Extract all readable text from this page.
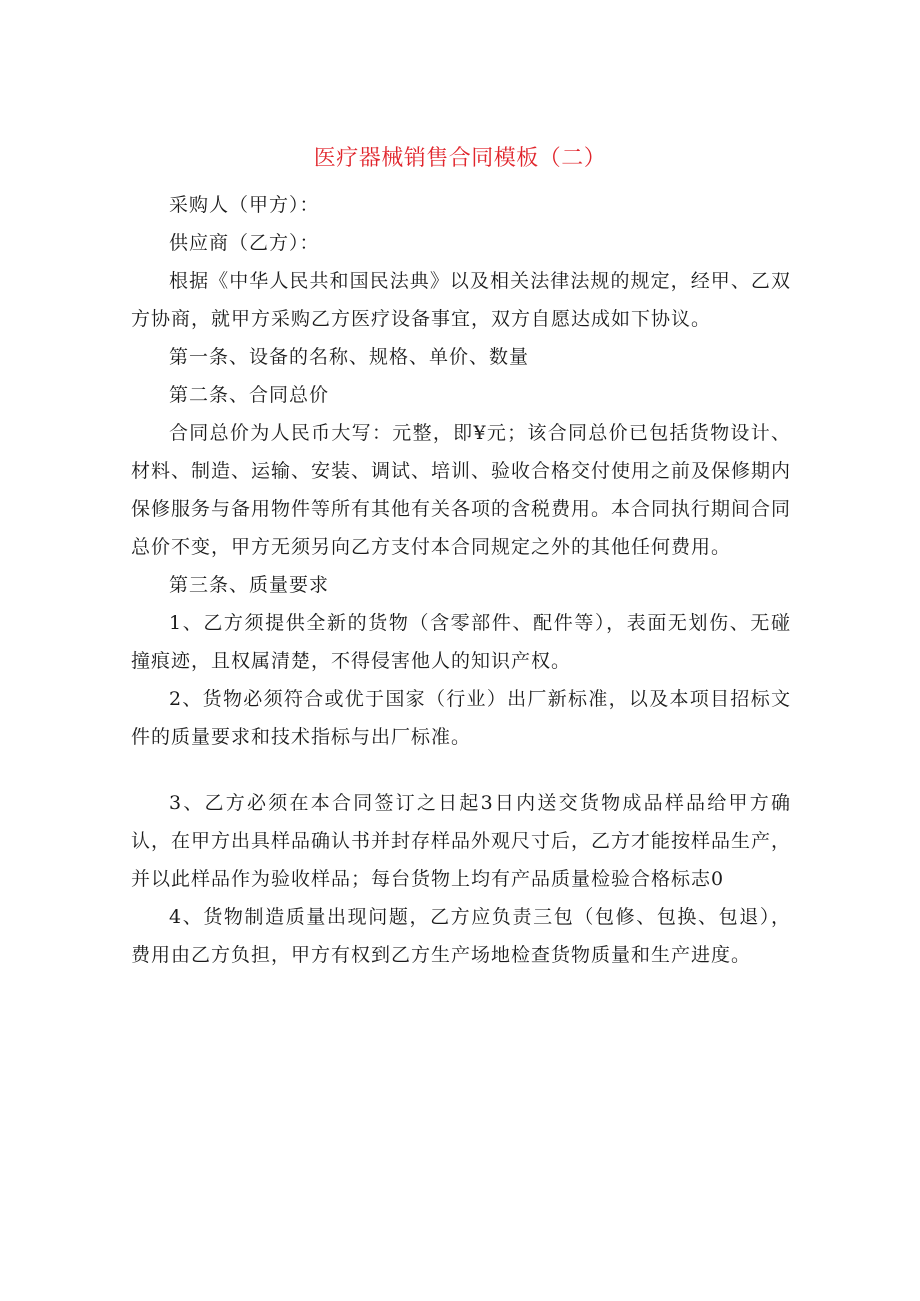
医疗器械销售合同模板（二）

采购人（甲方）：

供应商（乙方）：

根据《中华人民共和国民法典》以及相关法律法规的规定，经甲、乙双方协商，就甲方采购乙方医疗设备事宜，双方自愿达成如下协议。

第一条、设备的名称、规格、单价、数量

第二条、合同总价

合同总价为人民币大写：元整，即¥元；该合同总价已包括货物设计、材料、制造、运输、安装、调试、培训、验收合格交付使用之前及保修期内保修服务与备用物件等所有其他有关各项的含税费用。本合同执行期间合同总价不变，甲方无须另向乙方支付本合同规定之外的其他任何费用。

第三条、质量要求

1、乙方须提供全新的货物（含零部件、配件等），表面无划伤、无碰撞痕迹，且权属清楚，不得侵害他人的知识产权。

2、货物必须符合或优于国家（行业）出厂新标准，以及本项目招标文件的质量要求和技术指标与出厂标准。

3、乙方必须在本合同签订之日起3日内送交货物成品样品给甲方确认，在甲方出具样品确认书并封存样品外观尺寸后，乙方才能按样品生产，并以此样品作为验收样品；每台货物上均有产品质量检验合格标志0

4、货物制造质量出现问题，乙方应负责三包（包修、包换、包退），费用由乙方负担，甲方有权到乙方生产场地检查货物质量和生产进度。
